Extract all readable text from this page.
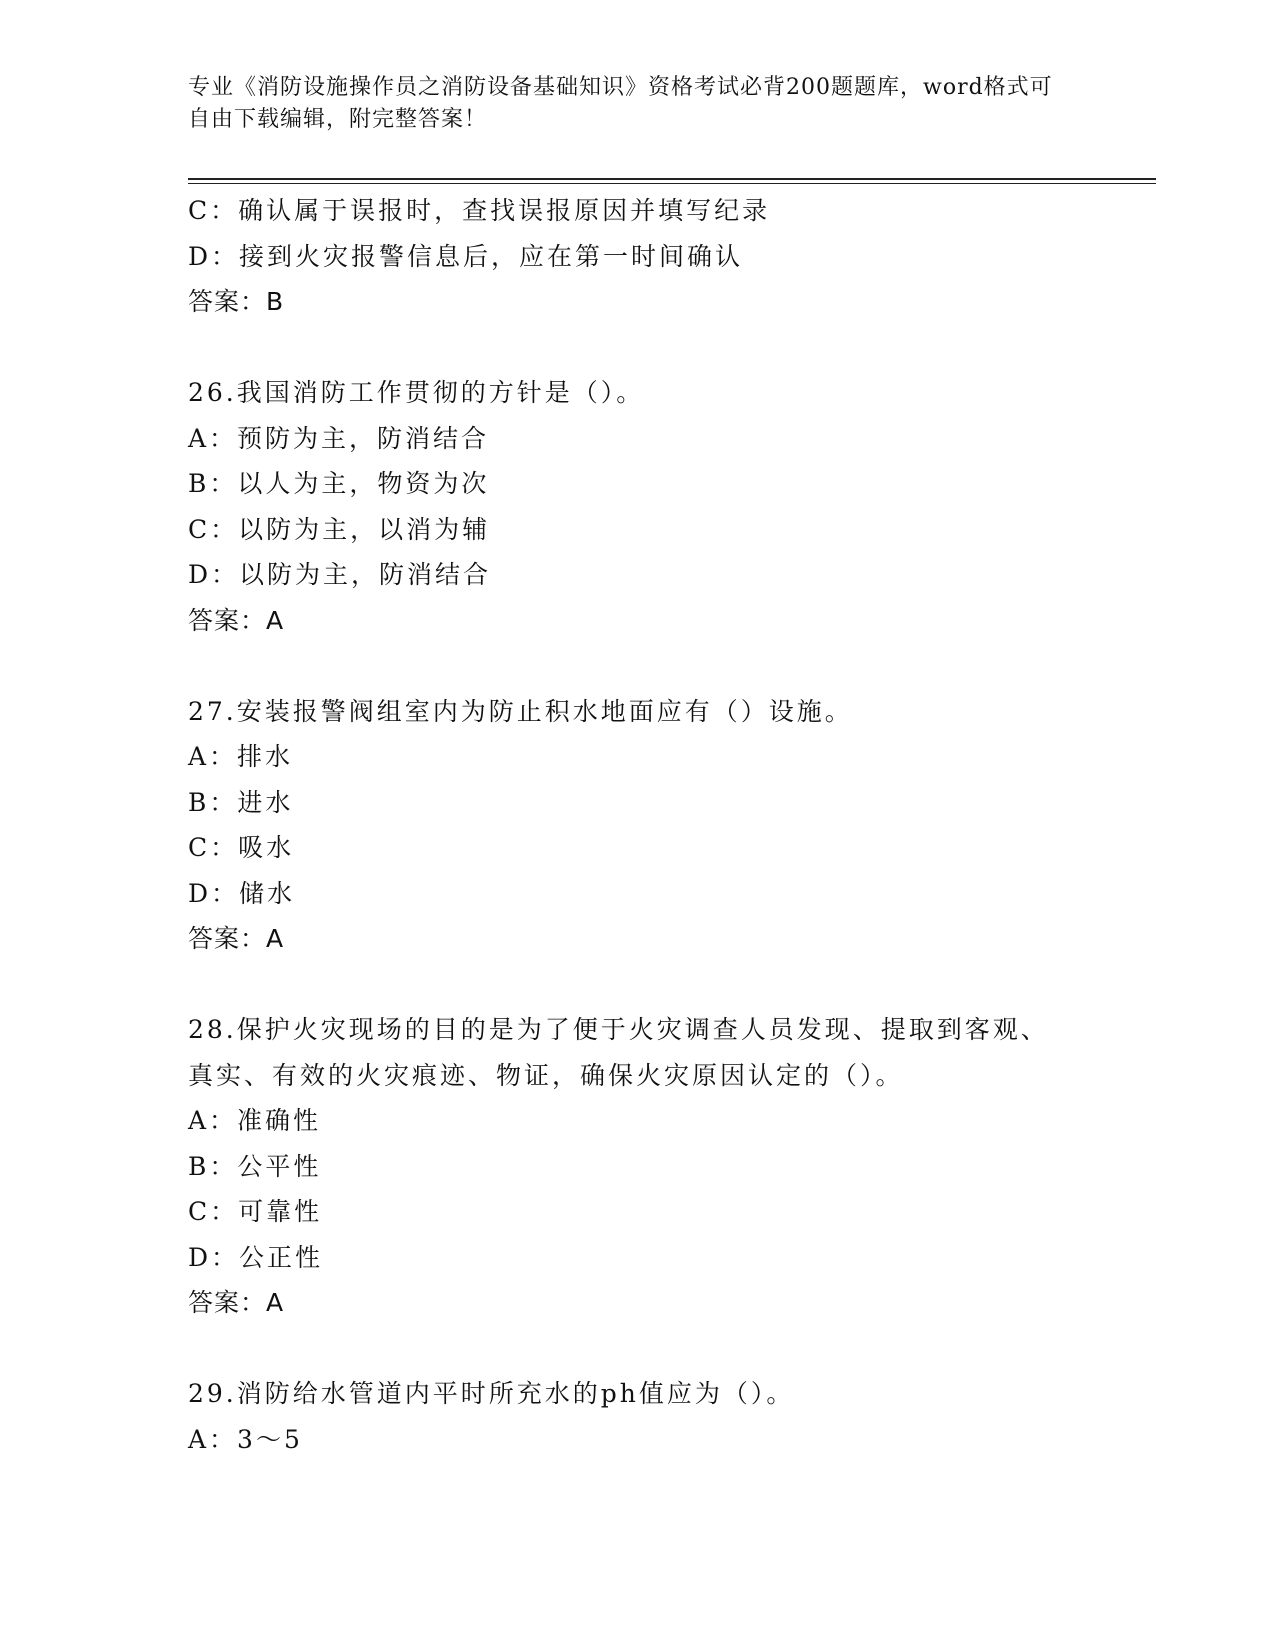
专业《消防设施操作员之消防设备基础知识》资格考试必背200题题库，word格式可自由下载编辑，附完整答案！
C：确认属于误报时，查找误报原因并填写纪录
D：接到火灾报警信息后，应在第一时间确认
答案：B
26.我国消防工作贯彻的方针是（）。
A：预防为主，防消结合
B：以人为主，物资为次
C：以防为主，以消为辅
D：以防为主，防消结合
答案：A
27.安装报警阀组室内为防止积水地面应有（）设施。
A：排水
B：进水
C：吸水
D：储水
答案：A
28.保护火灾现场的目的是为了便于火灾调查人员发现、提取到客观、
真实、有效的火灾痕迹、物证，确保火灾原因认定的（）。
A：准确性
B：公平性
C：可靠性
D：公正性
答案：A
29.消防给水管道内平时所充水的ph值应为（）。
A：3～5
